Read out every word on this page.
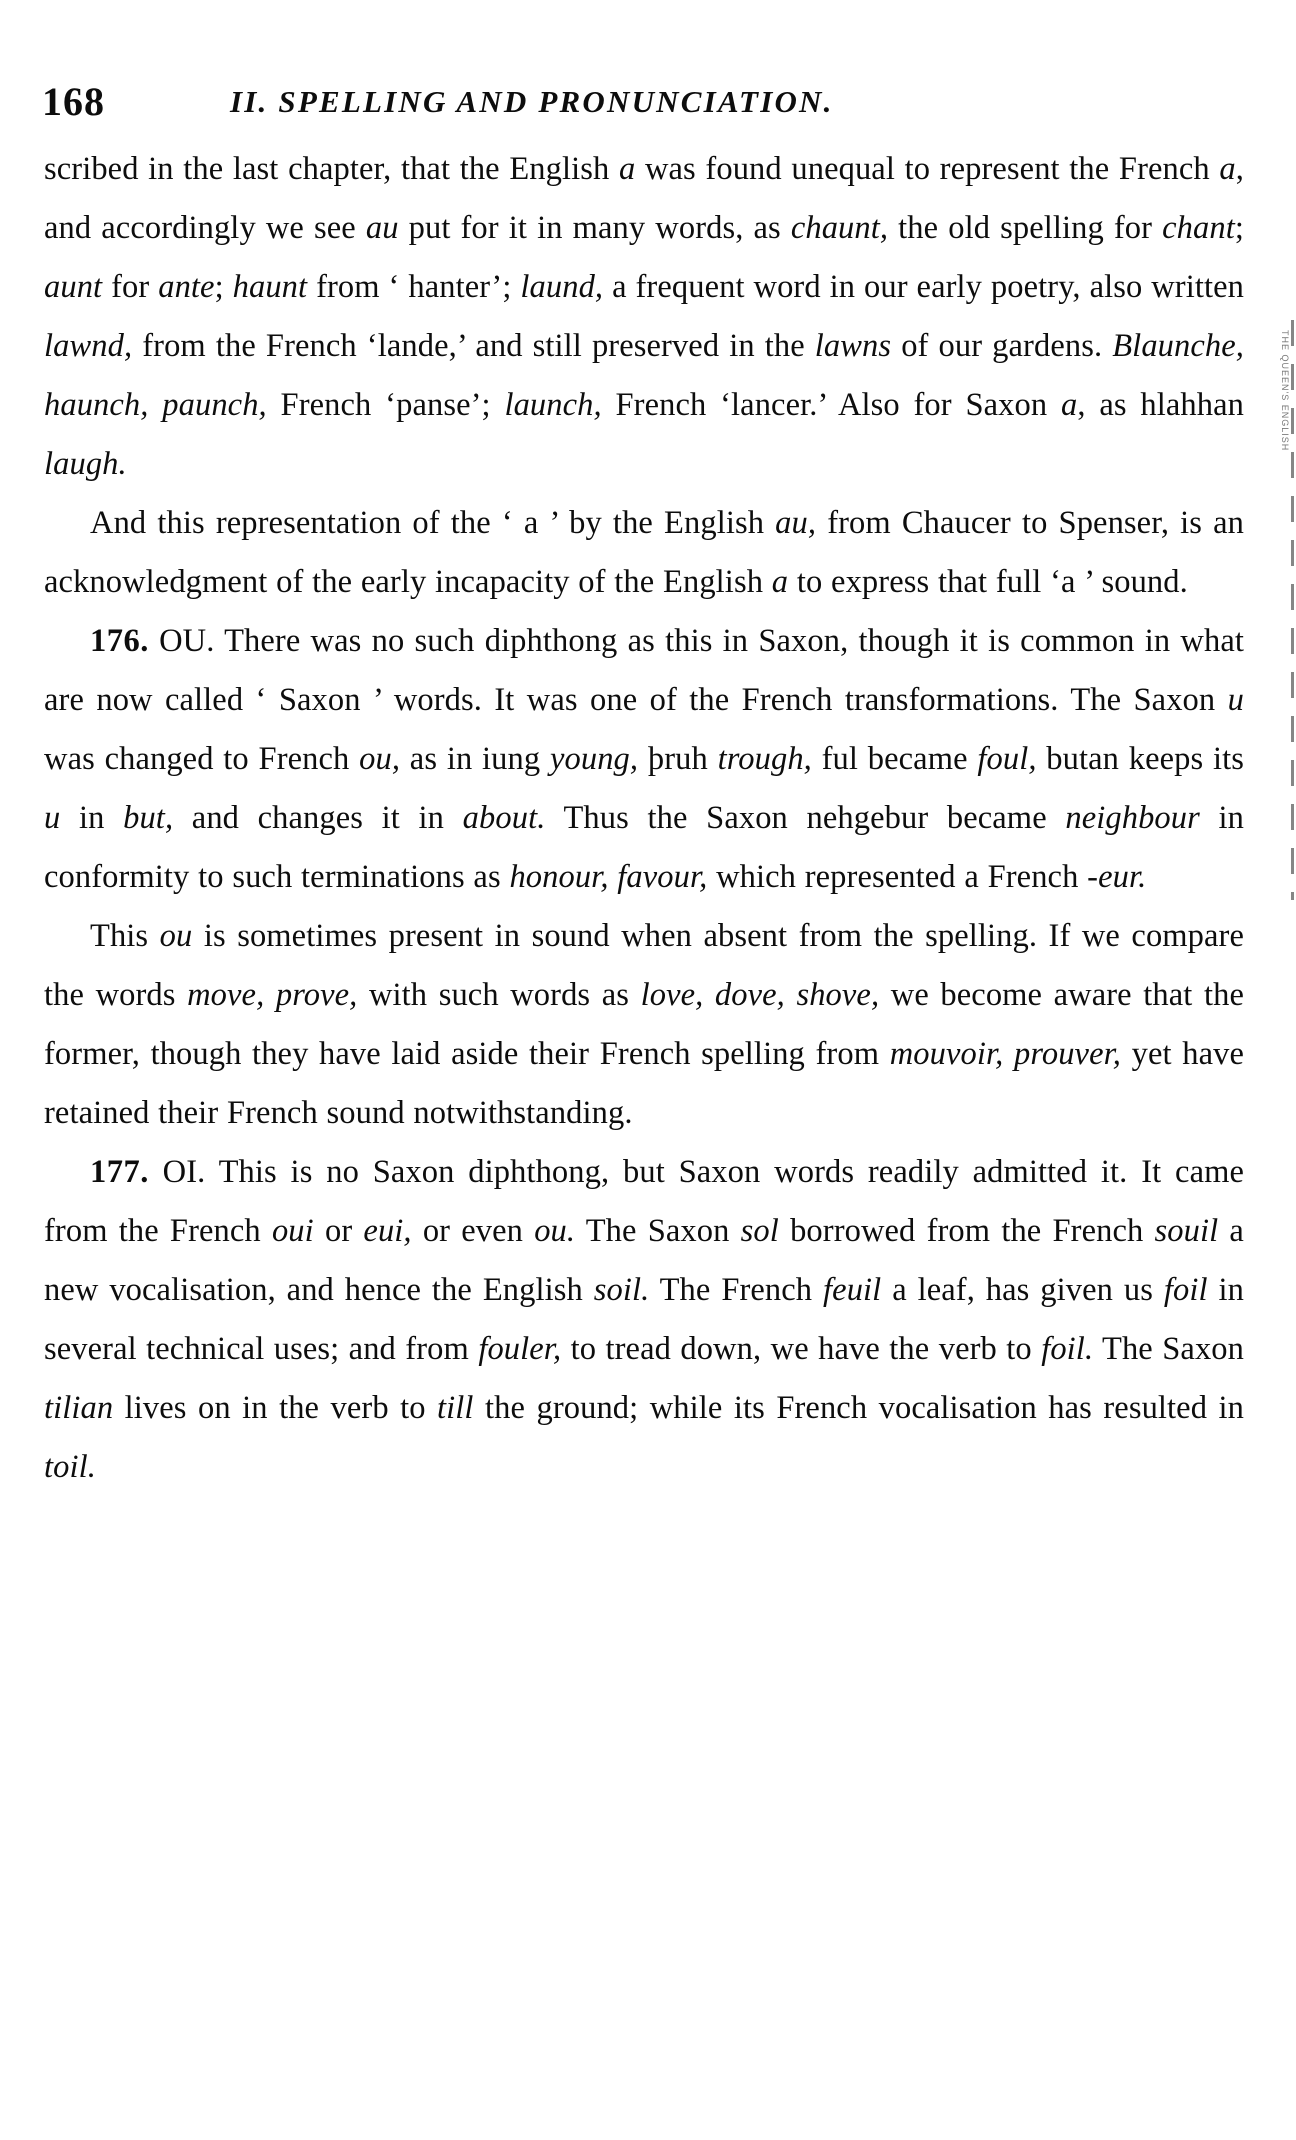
168	II. SPELLING AND PRONUNCIATION.

scribed in the last chapter, that the English a was found unequal to represent the French a, and accordingly we see au put for it in many words, as chaunt, the old spelling for chant; aunt for ante; haunt from ‘ hanter’; laund, a frequent word in our early poetry, also written lawnd, from the French ‘lande,’ and still preserved in the lawns of our gardens. Blaunche, haunch, paunch, French ‘panse’; launch, French ‘lancer.’ Also for Saxon a, as hlahhan laugh.

And this representation of the ‘ a ’ by the English au, from Chaucer to Spenser, is an acknowledgment of the early incapacity of the English a to express that full ‘a ’ sound.

176. OU. There was no such diphthong as this in Saxon, though it is common in what are now called ‘ Saxon ’ words. It was one of the French transformations. The Saxon u was changed to French ou, as in iung young, þruh trough, ful became foul, butan keeps its u in but, and changes it in about. Thus the Saxon nehgebur became neighbour in conformity to such terminations as honour, favour, which represented a French -eur.

This ou is sometimes present in sound when absent from the spelling. If we compare the words move, prove, with such words as love, dove, shove, we become aware that the former, though they have laid aside their French spelling from mouvoir, prouver, yet have retained their French sound notwithstanding.

177. OI. This is no Saxon diphthong, but Saxon words readily admitted it. It came from the French oui or eui, or even ou. The Saxon sol borrowed from the French souil a new vocalisation, and hence the English soil. The French feuil a leaf, has given us foil in several technical uses; and from fouler, to tread down, we have the verb to foil. The Saxon tilian lives on in the verb to till the ground; while its French vocalisation has resulted in toil.

THE QUEEN'S ENGLISH
